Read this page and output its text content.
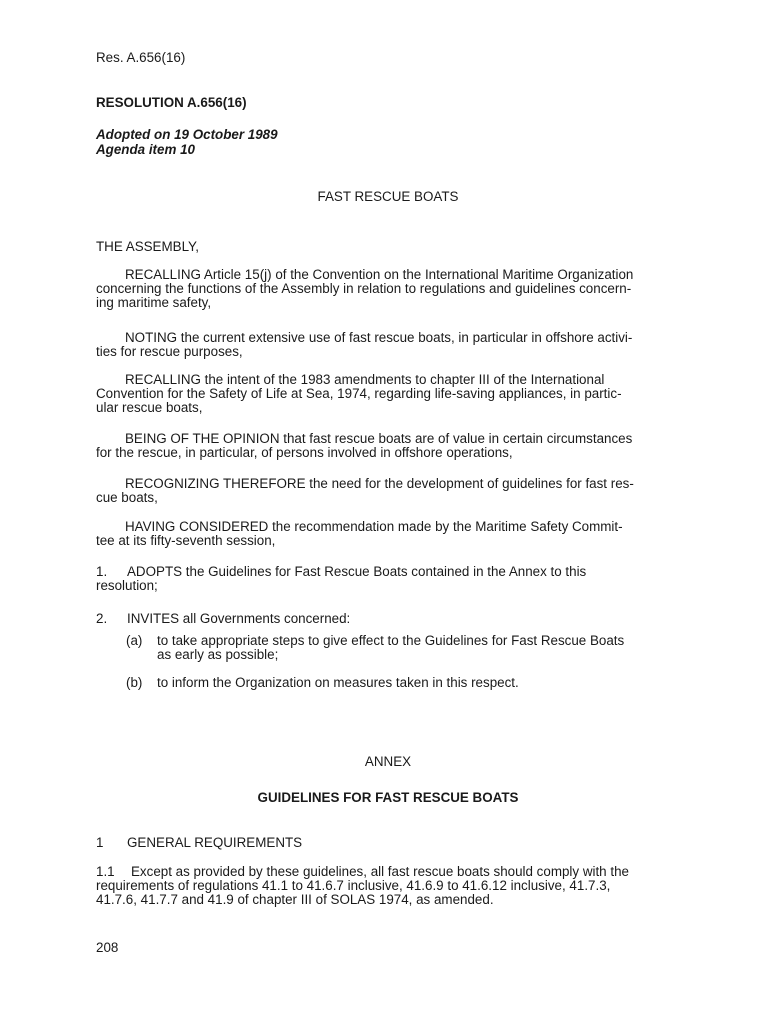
Res. A.656(16)
RESOLUTION A.656(16)
Adopted on 19 October 1989
Agenda item 10
FAST RESCUE BOATS
THE ASSEMBLY,
RECALLING Article 15(j) of the Convention on the International Maritime Organization
concerning the functions of the Assembly in relation to regulations and guidelines concern-
ing maritime safety,
NOTING the current extensive use of fast rescue boats, in particular in offshore activi-
ties for rescue purposes,
RECALLING the intent of the 1983 amendments to chapter III of the International
Convention for the Safety of Life at Sea, 1974, regarding life-saving appliances, in partic-
ular rescue boats,
BEING OF THE OPINION that fast rescue boats are of value in certain circumstances
for the rescue, in particular, of persons involved in offshore operations,
RECOGNIZING THEREFORE the need for the development of guidelines for fast res-
cue boats,
HAVING CONSIDERED the recommendation made by the Maritime Safety Commit-
tee at its fifty-seventh session,
1. ADOPTS the Guidelines for Fast Rescue Boats contained in the Annex to this
resolution;
2. INVITES all Governments concerned:
(a) to take appropriate steps to give effect to the Guidelines for Fast Rescue Boats
as early as possible;
(b) to inform the Organization on measures taken in this respect.
ANNEX
GUIDELINES FOR FAST RESCUE BOATS
1 GENERAL REQUIREMENTS
1.1 Except as provided by these guidelines, all fast rescue boats should comply with the
requirements of regulations 41.1 to 41.6.7 inclusive, 41.6.9 to 41.6.12 inclusive, 41.7.3,
41.7.6, 41.7.7 and 41.9 of chapter III of SOLAS 1974, as amended.
208
